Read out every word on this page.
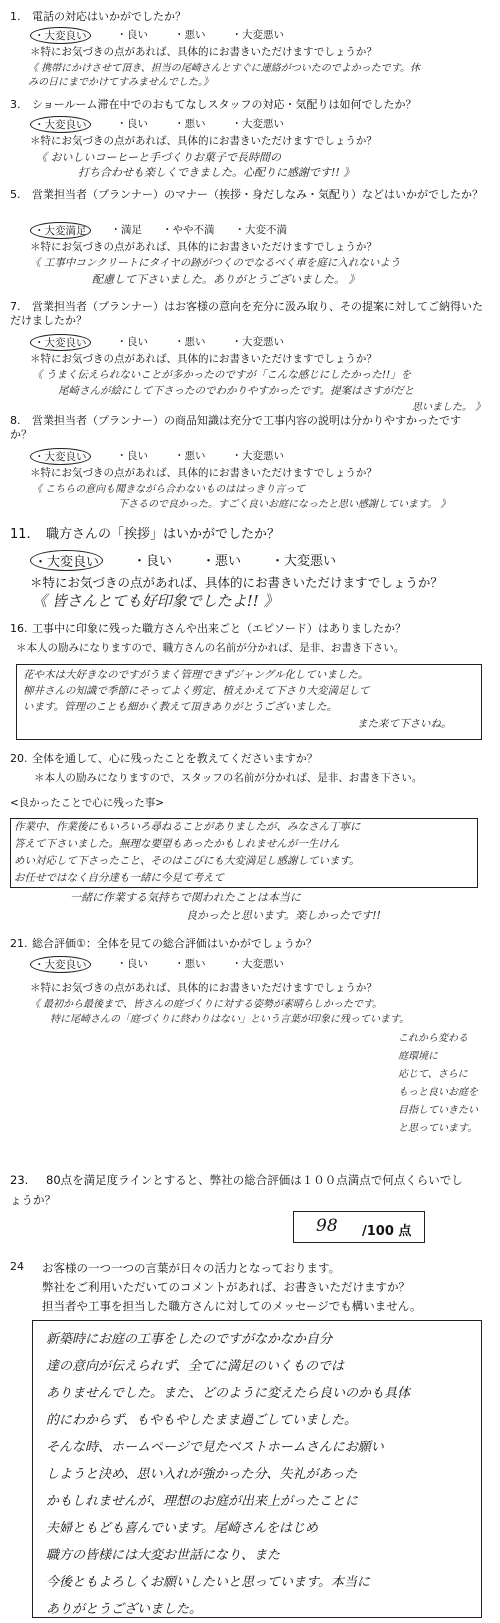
1. 電話の対応はいかがでしたか？
・大変良い	・良い ・悪い ・大変悪い
＊特にお気づきの点があれば、具体的にお書きいただけますでしょうか？
《 携帯にかけさせて頂き、担当の尾崎さんとすぐに連絡がついたのでよかったです。休みの日にまでかけてすみませんでした。》
3. ショールーム滞在中でのおもてなしスタッフの対応・気配りは如何でしたか？
・大変良い	・良い ・悪い ・大変悪い
＊特にお気づきの点があれば、具体的にお書きいただけますでしょうか？
《 おいしいコーヒーと手づくりお菓子で長時間の
打ち合わせも楽しくできました。心配りに感謝です!! 》
5. 営業担当者（プランナー）のマナー（挨拶・身だしなみ・気配り）などはいかがでしたか？
・大変満足	・満足 ・やや不満 ・大変不満
＊特にお気づきの点があれば、具体的にお書きいただけますでしょうか？
《 工事中コンクリートにタイヤの跡がつくのでなるべく車を庭に入れないよう
配慮して下さいました。ありがとうございました。 》
7. 営業担当者（プランナー）はお客様の意向を充分に汲み取り、その提案に対してご納得いただけましたか？
・大変良い	・良い ・悪い ・大変悪い
＊特にお気づきの点があれば、具体的にお書きいただけますでしょうか？
《 うまく伝えられないことが多かったのですが「こんな感じにしたかった!!」を
尾崎さんが絵にして下さったのでわかりやすかったです。提案はさすがだと
思いました。 》
8. 営業担当者（プランナー）の商品知識は充分で工事内容の説明は分かりやすかったですか？
・大変良い	・良い ・悪い ・大変悪い
＊特にお気づきの点があれば、具体的にお書きいただけますでしょうか？
《 こちらの意向も聞きながら合わないものははっきり言って
下さるので良かった。すごく良いお庭になったと思い感謝しています。 》
11. 職方さんの「挨拶」はいかがでしたか？
・大変良い	・良い ・悪い ・大変悪い
＊特にお気づきの点があれば、具体的にお書きいただけますでしょうか？
《 皆さんとても好印象でしたよ!! 》
16. 工事中に印象に残った職方さんや出来ごと（エピソード）はありましたか？
＊本人の励みになりますので、職方さんの名前が分かれば、是非、お書き下さい。
花や木は大好きなのですがうまく管理できずジャングル化していました。
柳井さんの知識で季節にそってよく剪定、植えかえて下さり大変満足して
います。管理のことも細かく教えて頂きありがとうございました。
また来て下さいね。
20. 全体を通して、心に残ったことを教えてくださいますか？
＊本人の励みになりますので、スタッフの名前が分かれば、是非、お書き下さい。
<良かったことで心に残った事>
作業中、作業後にもいろいろ尋ねることがありましたが、みなさん丁寧に
答えて下さいました。無理な要望もあったかもしれませんが一生けん
めい対応して下さったこと、そのはこびにも大変満足し感謝しています。
お任せではなく自分達も一緒に今見て考えて
一緒に作業する気持ちで関われたことは本当に
良かったと思います。楽しかったです!!
21. 総合評価①：全体を見ての総合評価はいかがでしょうか？
・大変良い	・良い ・悪い ・大変悪い
＊特にお気づきの点があれば、具体的にお書きいただけますでしょうか？
《 最初から最後まで、皆さんの庭づくりに対する姿勢が素晴らしかったです。
特に尾崎さんの「庭づくりに終わりはない」という言葉が印象に残っています。
これから変わる
庭環境に
応じて、さらに
もっと良いお庭を
目指していきたい
と思っています。
23. 80点を満足度ラインとすると、弊社の総合評価は１００点満点で何点くらいでしょうか？
98 /100 点
24 お客様の一つ一つの言葉が日々の活力となっております。
弊社をご利用いただいてのコメントがあれば、お書きいただけますか？
担当者や工事を担当した職方さんに対してのメッセージでも構いません。
新築時にお庭の工事をしたのですがなかなか自分
達の意向が伝えられず、全てに満足のいくものでは
ありませんでした。また、どのように変えたら良いのかも具体
的にわからず、もやもやしたまま過ごしていました。
そんな時、ホームページで見たベストホームさんにお願い
しようと決め、思い入れが強かった分、失礼があった
かもしれませんが、理想のお庭が出来上がったことに
夫婦ともども喜んでいます。尾崎さんをはじめ
職方の皆様には大変お世話になり、また
今後ともよろしくお願いしたいと思っています。本当に
ありがとうございました。
